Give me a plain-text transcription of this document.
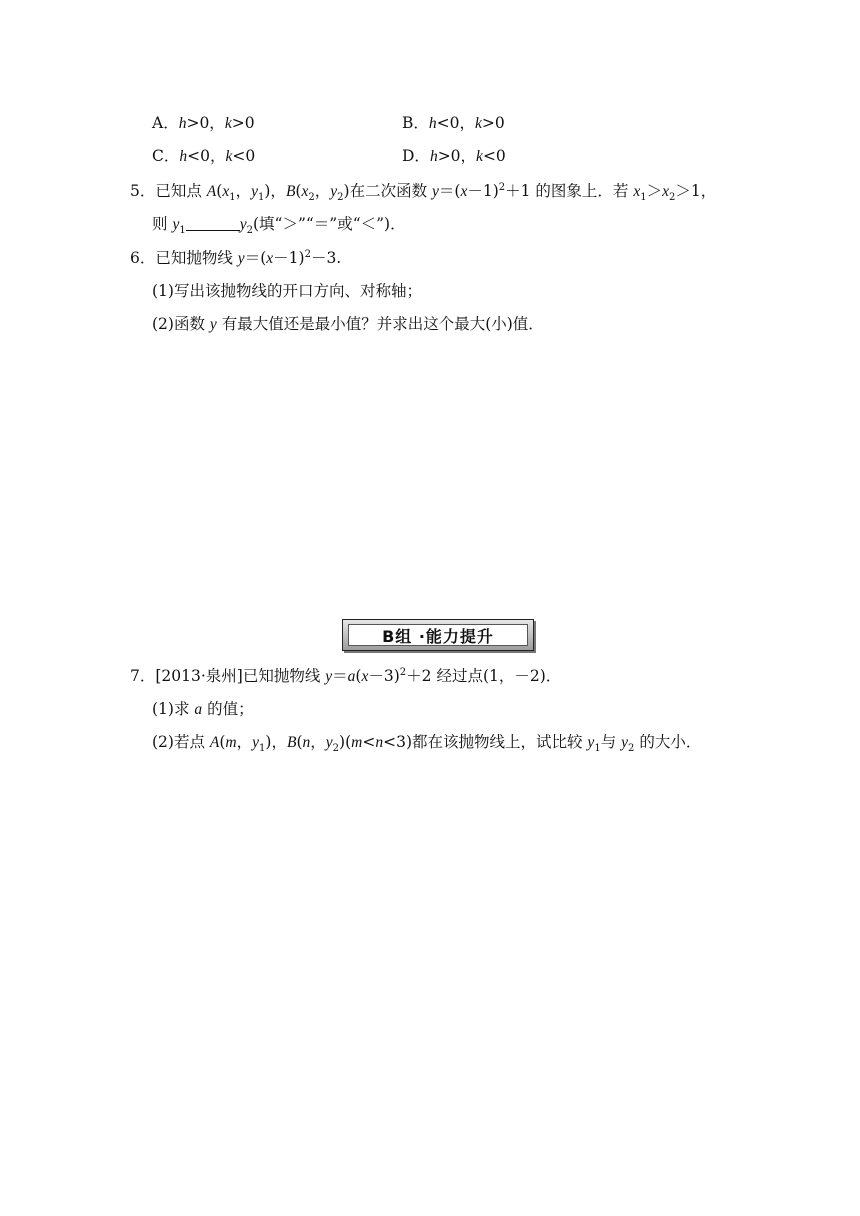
A．h>0，k>0	B．h<0，k>0
C．h<0，k<0	D．h>0，k<0
5．已知点 $A(x_1$，$y_1$)，$B(x_2$，$y_2$)在二次函数 $y=(x-1)^2+1$ 的图象上．若 $x_1>x_2>1$，
则 $y_1$	$y_2$(填“＞”“＝”或“＜”)．
6．已知抛物线 $y=(x-1)^2-3$.
(1)写出该抛物线的开口方向、对称轴；
(2)函数 y 有最大值还是最小值？并求出这个最大(小)值．
B组 ·能力提升
7．[2013·泉州]已知抛物线 $y=a(x-3)^2+2$ 经过点(1，－2)．
(1)求 a 的值；
(2)若点 A(m，$y_1$)，B(n，$y_2)(m<n<3)$都在该抛物线上，试比较 $y_1$与 $y_2$ 的大小．
